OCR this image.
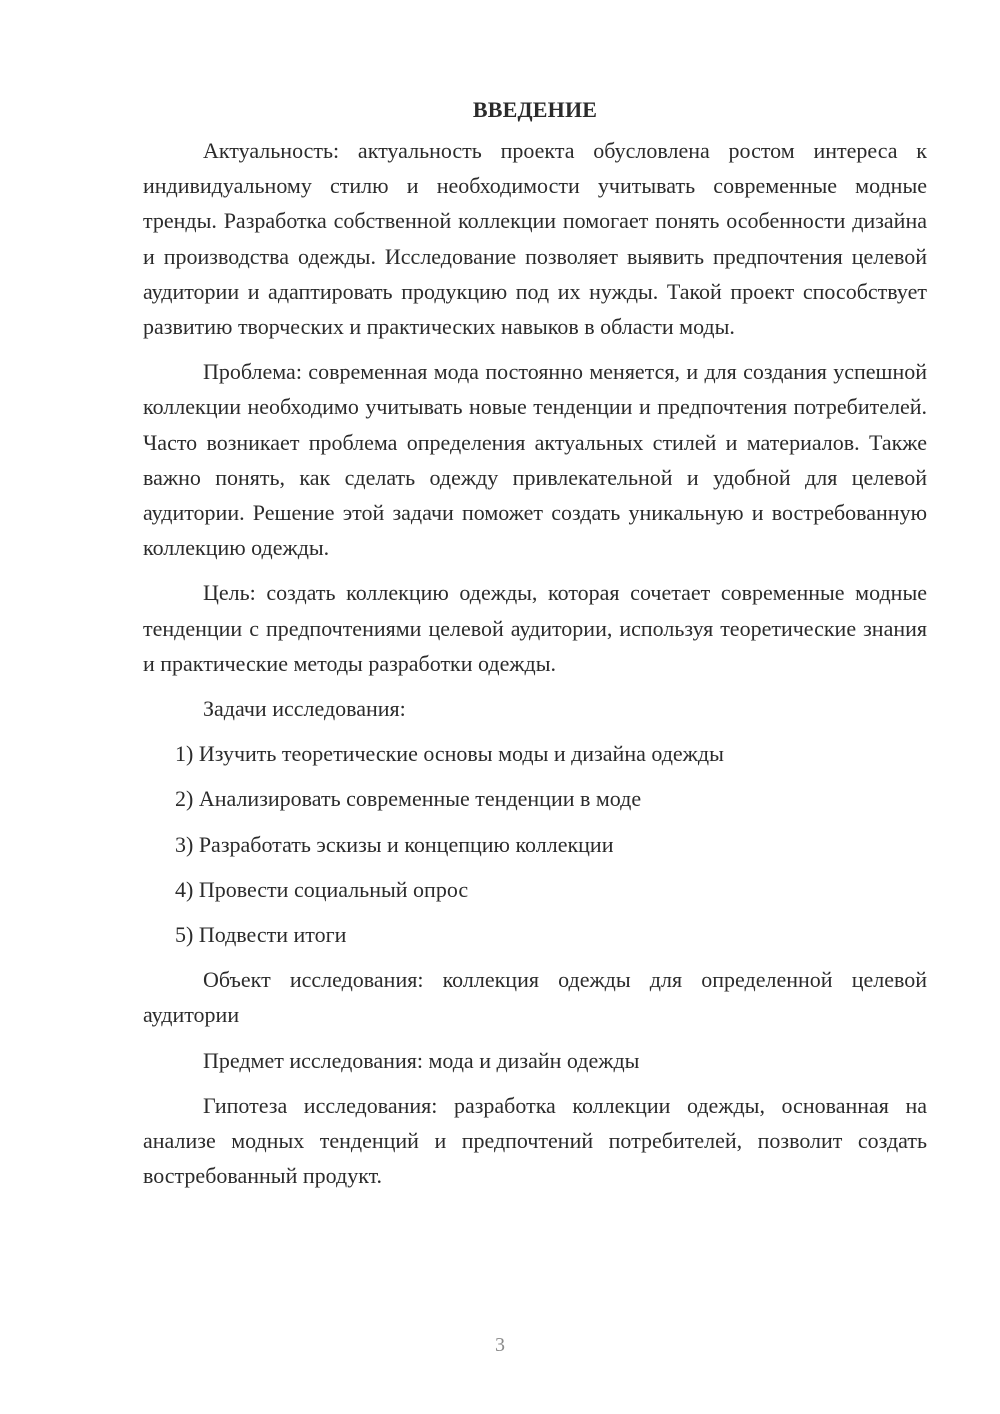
ВВЕДЕНИЕ

Актуальность: актуальность проекта обусловлена ростом интереса к индивидуальному стилю и необходимости учитывать современные модные тренды. Разработка собственной коллекции помогает понять особенности дизайна и производства одежды. Исследование позволяет выявить предпочтения целевой аудитории и адаптировать продукцию под их нужды. Такой проект способствует развитию творческих и практических навыков в области моды.

Проблема: современная мода постоянно меняется, и для создания успешной коллекции необходимо учитывать новые тенденции и предпочтения потребителей. Часто возникает проблема определения актуальных стилей и материалов. Также важно понять, как сделать одежду привлекательной и удобной для целевой аудитории. Решение этой задачи поможет создать уникальную и востребованную коллекцию одежды.

Цель: создать коллекцию одежды, которая сочетает современные модные тенденции с предпочтениями целевой аудитории, используя теоретические знания и практические методы разработки одежды.

Задачи исследования:

1) Изучить теоретические основы моды и дизайна одежды

2) Анализировать современные тенденции в моде

3) Разработать эскизы и концепцию коллекции

4) Провести социальный опрос

5) Подвести итоги

Объект исследования: коллекция одежды для определенной целевой аудитории

Предмет исследования: мода и дизайн одежды

Гипотеза исследования: разработка коллекции одежды, основанная на анализе модных тенденций и предпочтений потребителей, позволит создать востребованный продукт.

3
